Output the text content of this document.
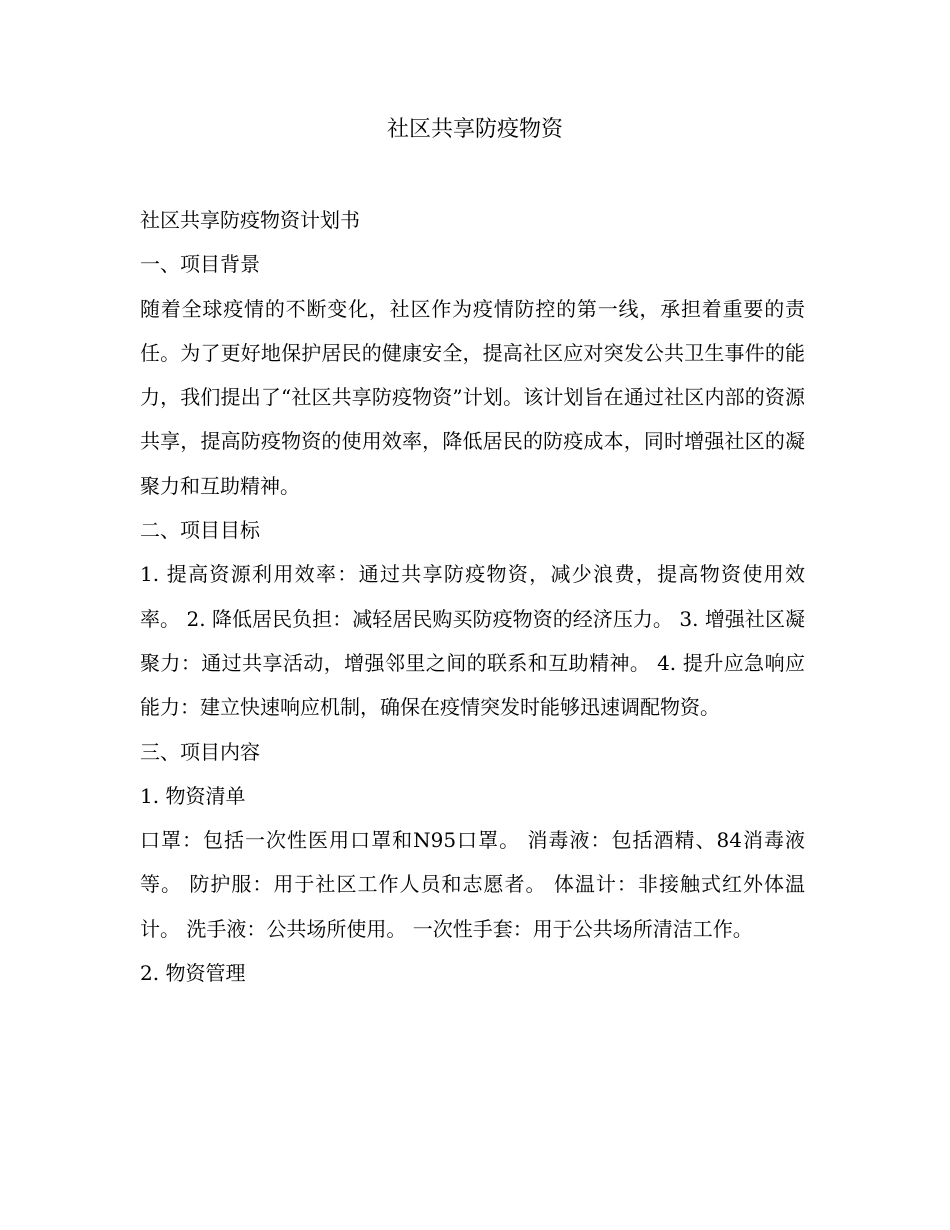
社区共享防疫物资

社区共享防疫物资计划书

一、项目背景

随着全球疫情的不断变化，社区作为疫情防控的第一线，承担着重要的责任。为了更好地保护居民的健康安全，提高社区应对突发公共卫生事件的能力，我们提出了“社区共享防疫物资”计划。该计划旨在通过社区内部的资源共享，提高防疫物资的使用效率，降低居民的防疫成本，同时增强社区的凝聚力和互助精神。

二、项目目标

1. 提高资源利用效率：通过共享防疫物资，减少浪费，提高物资使用效率。 2. 降低居民负担：减轻居民购买防疫物资的经济压力。 3. 增强社区凝聚力：通过共享活动，增强邻里之间的联系和互助精神。 4. 提升应急响应能力：建立快速响应机制，确保在疫情突发时能够迅速调配物资。

三、项目内容

1. 物资清单

口罩：包括一次性医用口罩和N95口罩。 消毒液：包括酒精、84消毒液等。 防护服：用于社区工作人员和志愿者。 体温计：非接触式红外体温计。 洗手液：公共场所使用。 一次性手套：用于公共场所清洁工作。

2. 物资管理
